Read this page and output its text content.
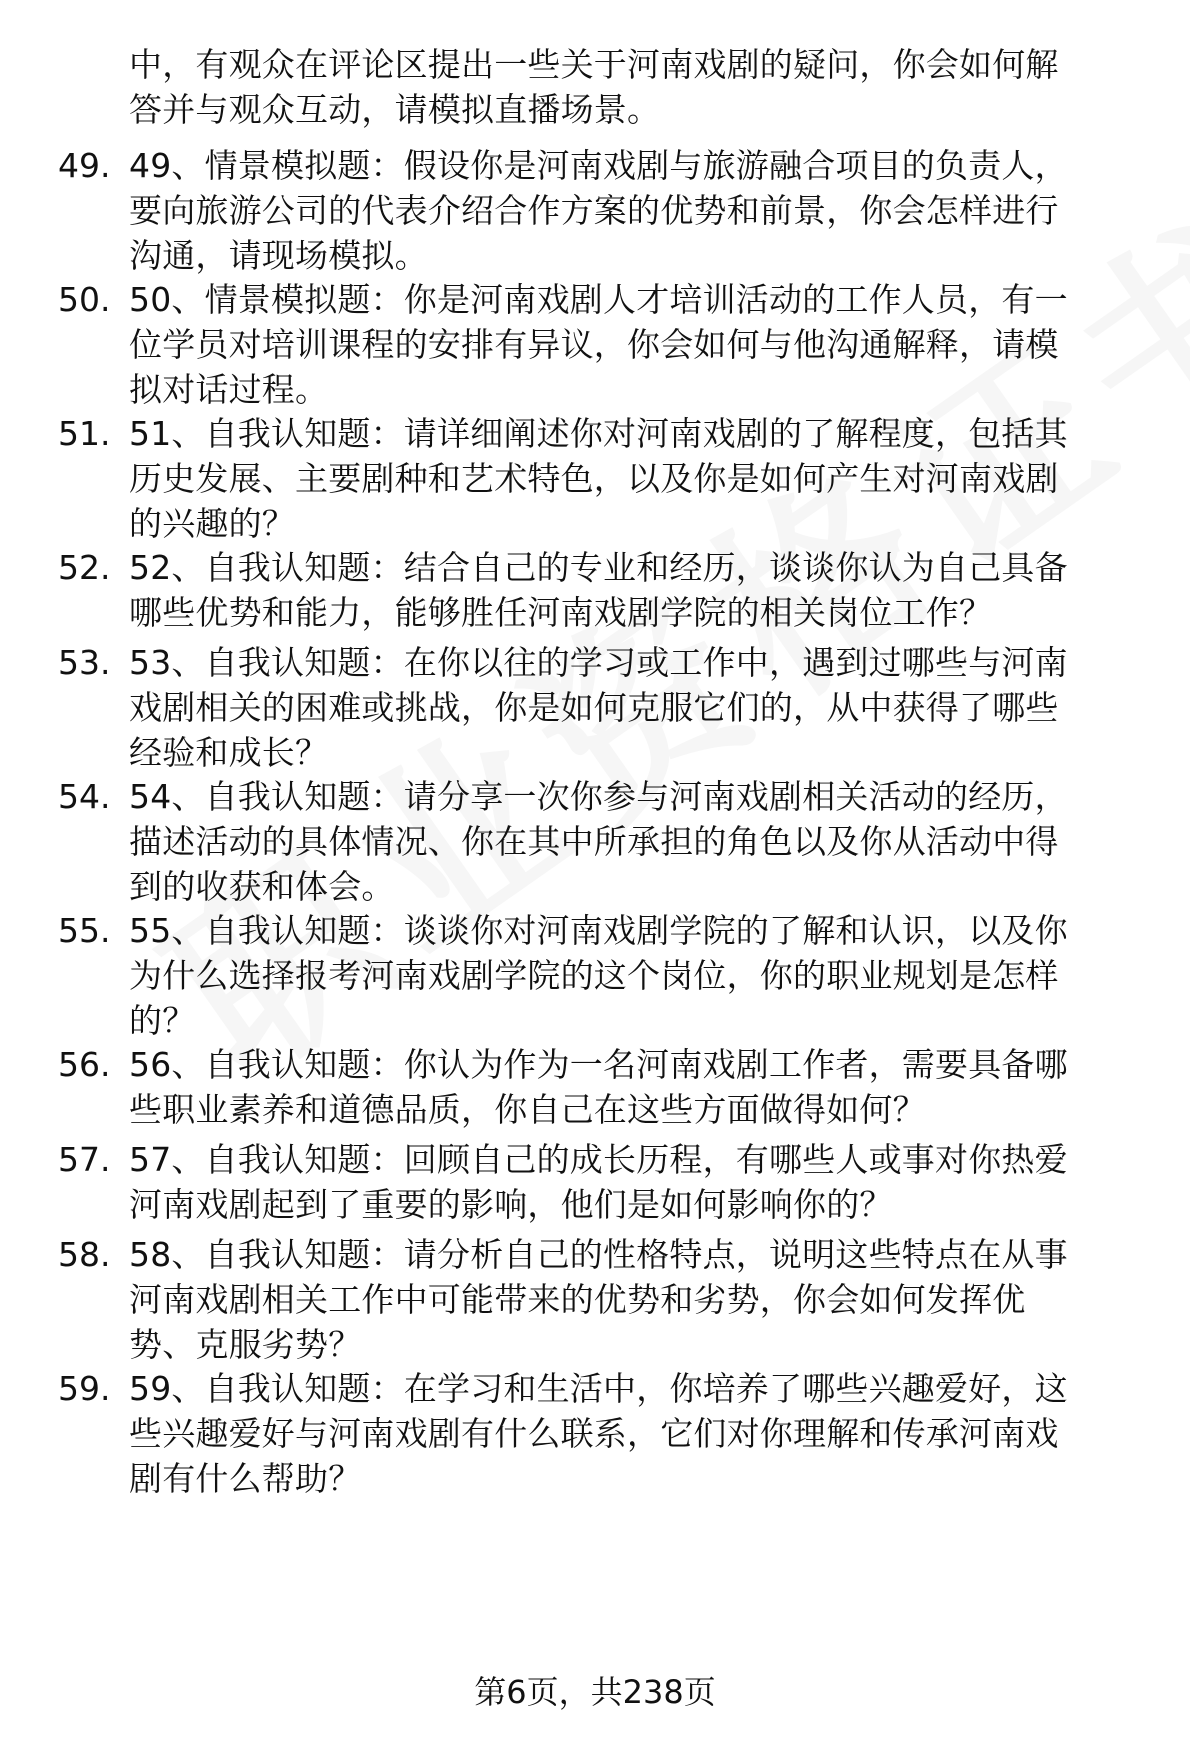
中，有观众在评论区提出一些关于河南戏剧的疑问，你会如何解
答并与观众互动，请模拟直播场景。
49. 49、情景模拟题：假设你是河南戏剧与旅游融合项目的负责人，
要向旅游公司的代表介绍合作方案的优势和前景，你会怎样进行
沟通，请现场模拟。
50. 50、情景模拟题：你是河南戏剧人才培训活动的工作人员，有一
位学员对培训课程的安排有异议，你会如何与他沟通解释，请模
拟对话过程。
51. 51、自我认知题：请详细阐述你对河南戏剧的了解程度，包括其
历史发展、主要剧种和艺术特色，以及你是如何产生对河南戏剧
的兴趣的？
52. 52、自我认知题：结合自己的专业和经历，谈谈你认为自己具备
哪些优势和能力，能够胜任河南戏剧学院的相关岗位工作？
53. 53、自我认知题：在你以往的学习或工作中，遇到过哪些与河南
戏剧相关的困难或挑战，你是如何克服它们的，从中获得了哪些
经验和成长？
54. 54、自我认知题：请分享一次你参与河南戏剧相关活动的经历，
描述活动的具体情况、你在其中所承担的角色以及你从活动中得
到的收获和体会。
55. 55、自我认知题：谈谈你对河南戏剧学院的了解和认识，以及你
为什么选择报考河南戏剧学院的这个岗位，你的职业规划是怎样
的？
56. 56、自我认知题：你认为作为一名河南戏剧工作者，需要具备哪
些职业素养和道德品质，你自己在这些方面做得如何？
57. 57、自我认知题：回顾自己的成长历程，有哪些人或事对你热爱
河南戏剧起到了重要的影响，他们是如何影响你的？
58. 58、自我认知题：请分析自己的性格特点，说明这些特点在从事
河南戏剧相关工作中可能带来的优势和劣势，你会如何发挥优
势、克服劣势？
59. 59、自我认知题：在学习和生活中，你培养了哪些兴趣爱好，这
些兴趣爱好与河南戏剧有什么联系，它们对你理解和传承河南戏
剧有什么帮助？
第6页，共238页
